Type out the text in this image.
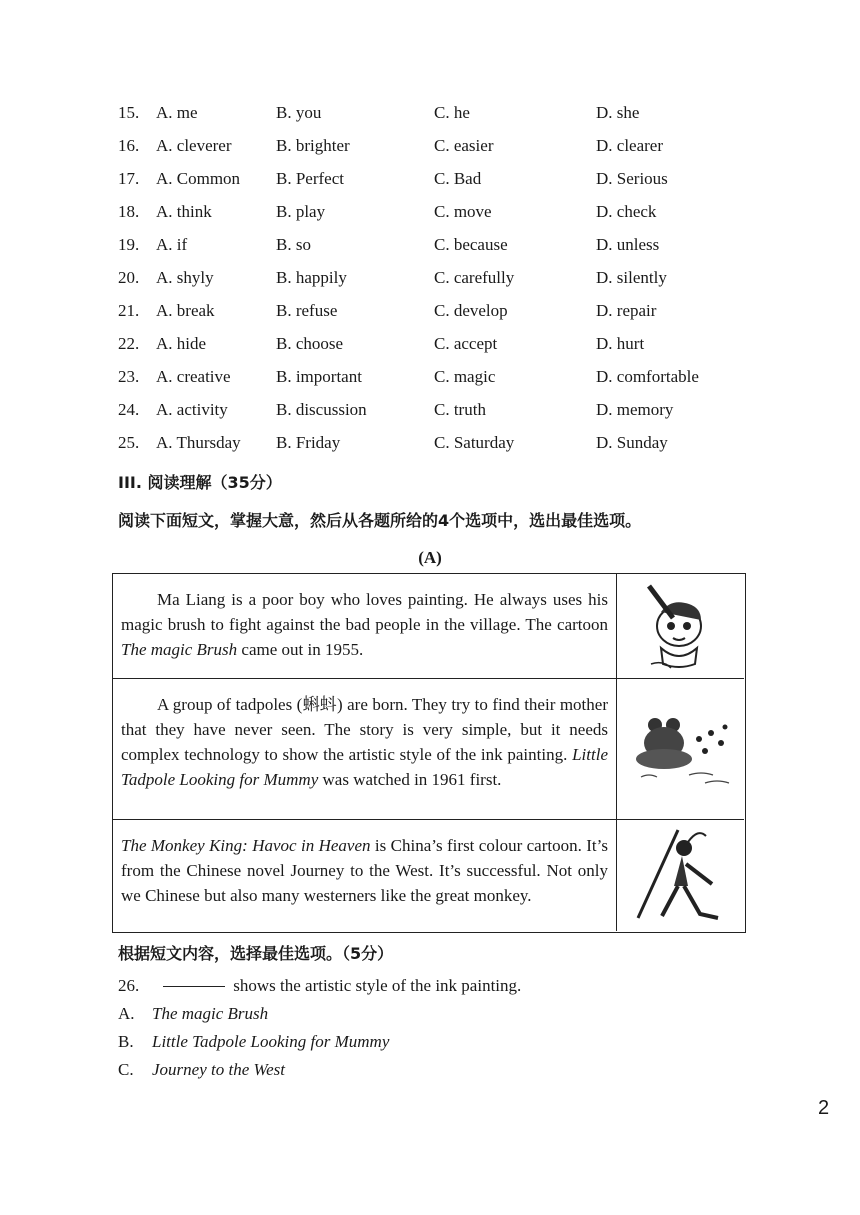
15. A. me	B. you	C. he	D. she
16. A. cleverer	B. brighter	C. easier	D. clearer
17. A. Common B. Perfect	C. Bad	D. Serious
18. A. think	B. play	C. move	D. check
19. A. if	B. so	C. because	D. unless
20. A. shyly	B. happily	C. carefully	D. silently
21. A. break	B. refuse	C. develop	D. repair
22. A. hide	B. choose	C. accept	D. hurt
23. A. creative	B. important	C. magic	D. comfortable
24. A. activity	B. discussion	C. truth	D. memory
25. A. Thursday B. Friday	C. Saturday	D. Sunday
III. 阅读理解（35分）
阅读下面短文，掌握大意，然后从各题所给的4个选项中，选出最佳选项。
(A)
Ma Liang is a poor boy who loves painting. He always uses his magic brush to fight against the bad people in the village. The cartoon The magic Brush came out in 1955.
A group of tadpoles (蝌蚪) are born. They try to find their mother that they have never seen. The story is very simple, but it needs complex technology to show the artistic style of the ink painting. Little Tadpole Looking for Mummy was watched in 1961 first.
The Monkey King: Havoc in Heaven is China’s first colour cartoon. It’s from the Chinese novel Journey to the West. It’s successful. Not only we Chinese but also many westerners like the great monkey.
根据短文内容，选择最佳选项。（5分）
26.	shows the artistic style of the ink painting.
A. The magic Brush
B. Little Tadpole Looking for Mummy
C. Journey to the West
2
